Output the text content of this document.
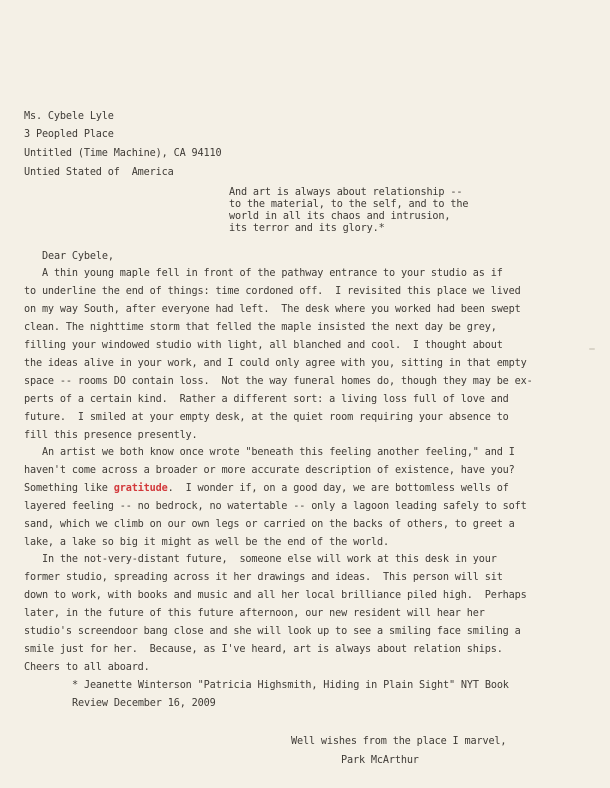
Ms. Cybele Lyle
3 Peopled Place
Untitled (Time Machine), CA 94110
Untied Stated of  America
And art is always about relationship --
to the material, to the self, and to the
world in all its chaos and intrusion,
its terror and its glory.*
Dear Cybele,
A thin young maple fell in front of the pathway entrance to your studio as if
to underline the end of things: time cordoned off.  I revisited this place we lived
on my way South, after everyone had left.  The desk where you worked had been swept
clean. The nighttime storm that felled the maple insisted the next day be grey,
filling your windowed studio with light, all blanched and cool.  I thought about
the ideas alive in your work, and I could only agree with you, sitting in that empty
space -- rooms DO contain loss.  Not the way funeral homes do, though they may be ex-
perts of a certain kind.  Rather a different sort: a living loss full of love and
future.  I smiled at your empty desk, at the quiet room requiring your absence to
fill this presence presently.
An artist we both know once wrote "beneath this feeling another feeling," and I
haven't come across a broader or more accurate description of existence, have you?
Something like gratitude.  I wonder if, on a good day, we are bottomless wells of
layered feeling -- no bedrock, no watertable -- only a lagoon leading safely to soft
sand, which we climb on our own legs or carried on the backs of others, to greet a
lake, a lake so big it might as well be the end of the world.
In the not-very-distant future,  someone else will work at this desk in your
former studio, spreading across it her drawings and ideas.  This person will sit
down to work, with books and music and all her local brilliance piled high.  Perhaps
later, in the future of this future afternoon, our new resident will hear her
studio's screendoor bang close and she will look up to see a smiling face smiling a
smile just for her.  Because, as I've heard, art is always about relation ships.
Cheers to all aboard.
* Jeanette Winterson "Patricia Highsmith, Hiding in Plain Sight" NYT Book
Review December 16, 2009
Well wishes from the place I marvel,
Park McArthur
